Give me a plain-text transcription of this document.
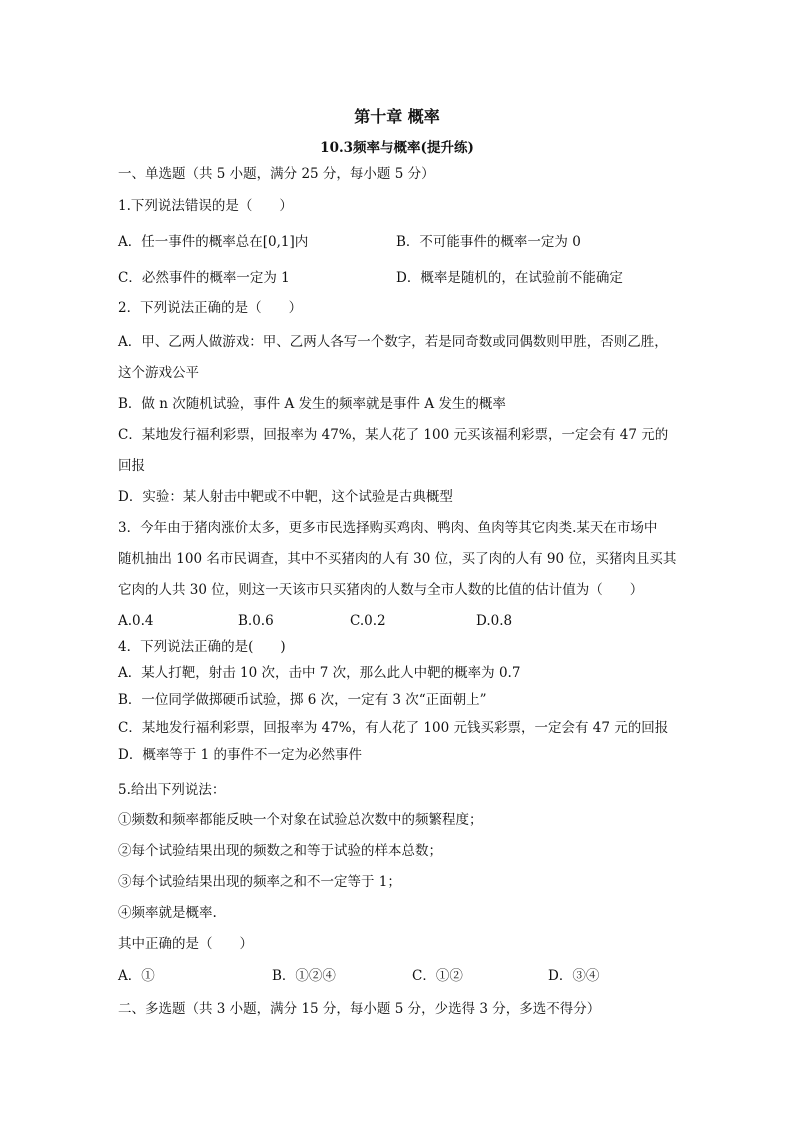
第十章 概率
10.3频率与概率(提升练)
一、单选题（共 5 小题，满分 25 分，每小题 5 分）
1.下列说法错误的是（　　）
A．任一事件的概率总在[0,1]内	B．不可能事件的概率一定为 0
C．必然事件的概率一定为 1	D．概率是随机的，在试验前不能确定
2．下列说法正确的是（　　）
A．甲、乙两人做游戏：甲、乙两人各写一个数字，若是同奇数或同偶数则甲胜，否则乙胜，
这个游戏公平
B．做 n 次随机试验，事件 A 发生的频率就是事件 A 发生的概率
C．某地发行福利彩票，回报率为 47%，某人花了 100 元买该福利彩票，一定会有 47 元的
回报
D．实验：某人射击中靶或不中靶，这个试验是古典概型
3．今年由于猪肉涨价太多，更多市民选择购买鸡肉、鸭肉、鱼肉等其它肉类.某天在市场中
随机抽出 100 名市民调查，其中不买猪肉的人有 30 位，买了肉的人有 90 位，买猪肉且买其
它肉的人共 30 位，则这一天该市只买猪肉的人数与全市人数的比值的估计值为（　　）
A.0.4	B.0.6	C.0.2	D.0.8
4．下列说法正确的是(　　)
A．某人打靶，射击 10 次，击中 7 次，那么此人中靶的概率为 0.7
B．一位同学做掷硬币试验，掷 6 次，一定有 3 次“正面朝上”
C．某地发行福利彩票，回报率为 47%，有人花了 100 元钱买彩票，一定会有 47 元的回报
D．概率等于 1 的事件不一定为必然事件
5.给出下列说法：
①频数和频率都能反映一个对象在试验总次数中的频繁程度；
②每个试验结果出现的频数之和等于试验的样本总数；
③每个试验结果出现的频率之和不一定等于 1；
④频率就是概率.
其中正确的是（　　）
A．①	B．①②④	C．①②	D．③④
二、多选题（共 3 小题，满分 15 分，每小题 5 分，少选得 3 分，多选不得分）
